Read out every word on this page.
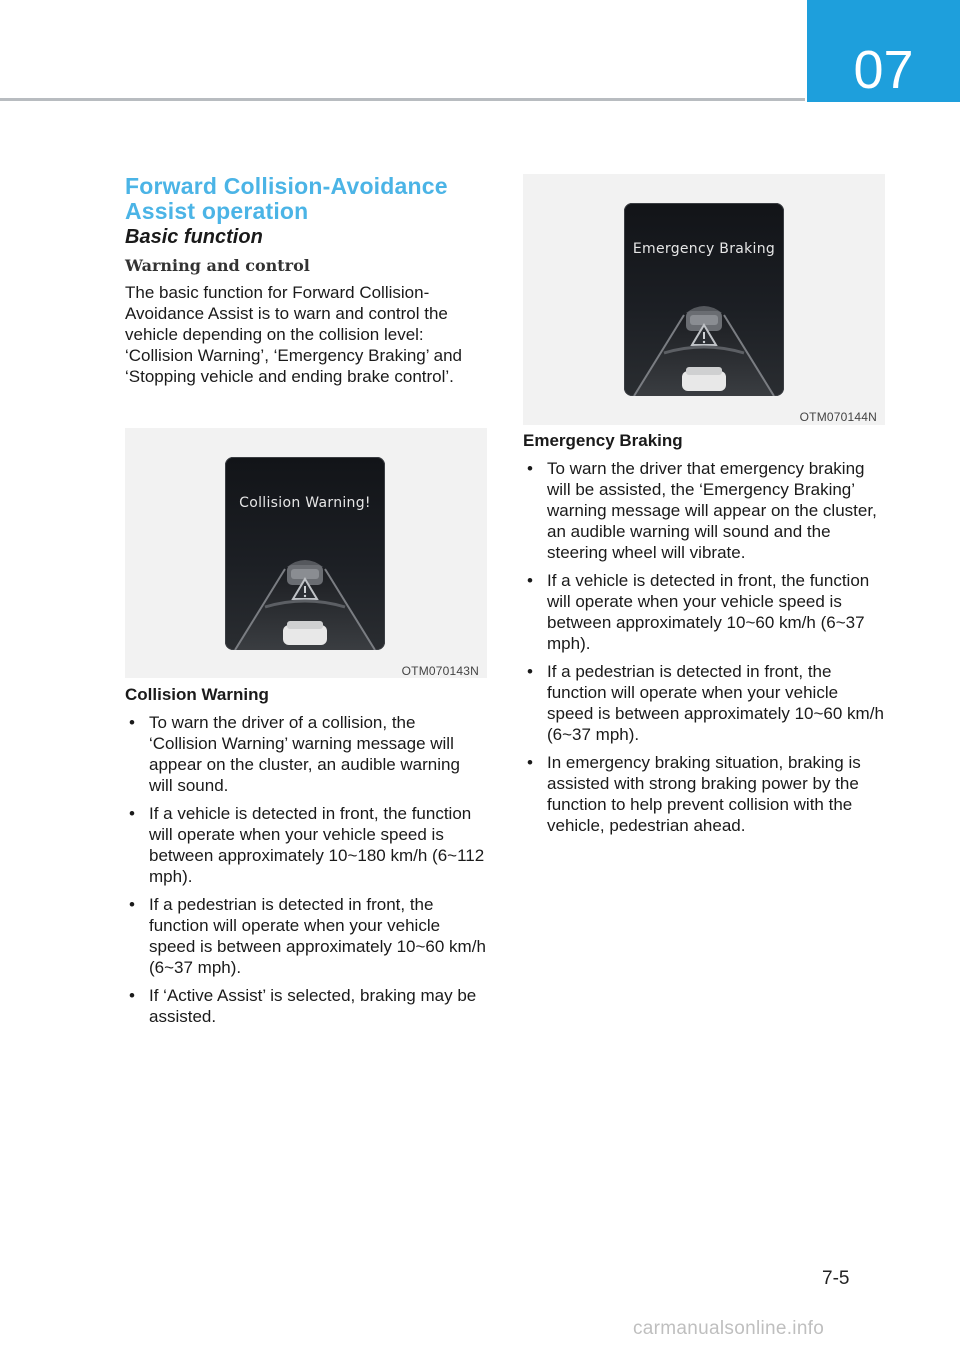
07
Forward Collision-Avoidance Assist operation
Basic function
Warning and control

The basic function for Forward Collision-Avoidance Assist is to warn and control the vehicle depending on the collision level: ‘Collision Warning’, ‘Emergency Braking’ and ‘Stopping vehicle and ending brake control’.

Collision Warning!
OTM070143N
Collision Warning
• To warn the driver of a collision, the ‘Collision Warning’ warning message will appear on the cluster, an audible warning will sound.
• If a vehicle is detected in front, the function will operate when your vehicle speed is between approximately 10~180 km/h (6~112 mph).
• If a pedestrian is detected in front, the function will operate when your vehicle speed is between approximately 10~60 km/h (6~37 mph).
• If ‘Active Assist’ is selected, braking may be assisted.
Emergency Braking
OTM070144N
Emergency Braking
• To warn the driver that emergency braking will be assisted, the ‘Emergency Braking’ warning message will appear on the cluster, an audible warning will sound and the steering wheel will vibrate.
• If a vehicle is detected in front, the function will operate when your vehicle speed is between approximately 10~60 km/h (6~37 mph).
• If a pedestrian is detected in front, the function will operate when your vehicle speed is between approximately 10~60 km/h (6~37 mph).
• In emergency braking situation, braking is assisted with strong braking power by the function to help prevent collision with the vehicle, pedestrian ahead.
7-5
carmanualsonline.info
